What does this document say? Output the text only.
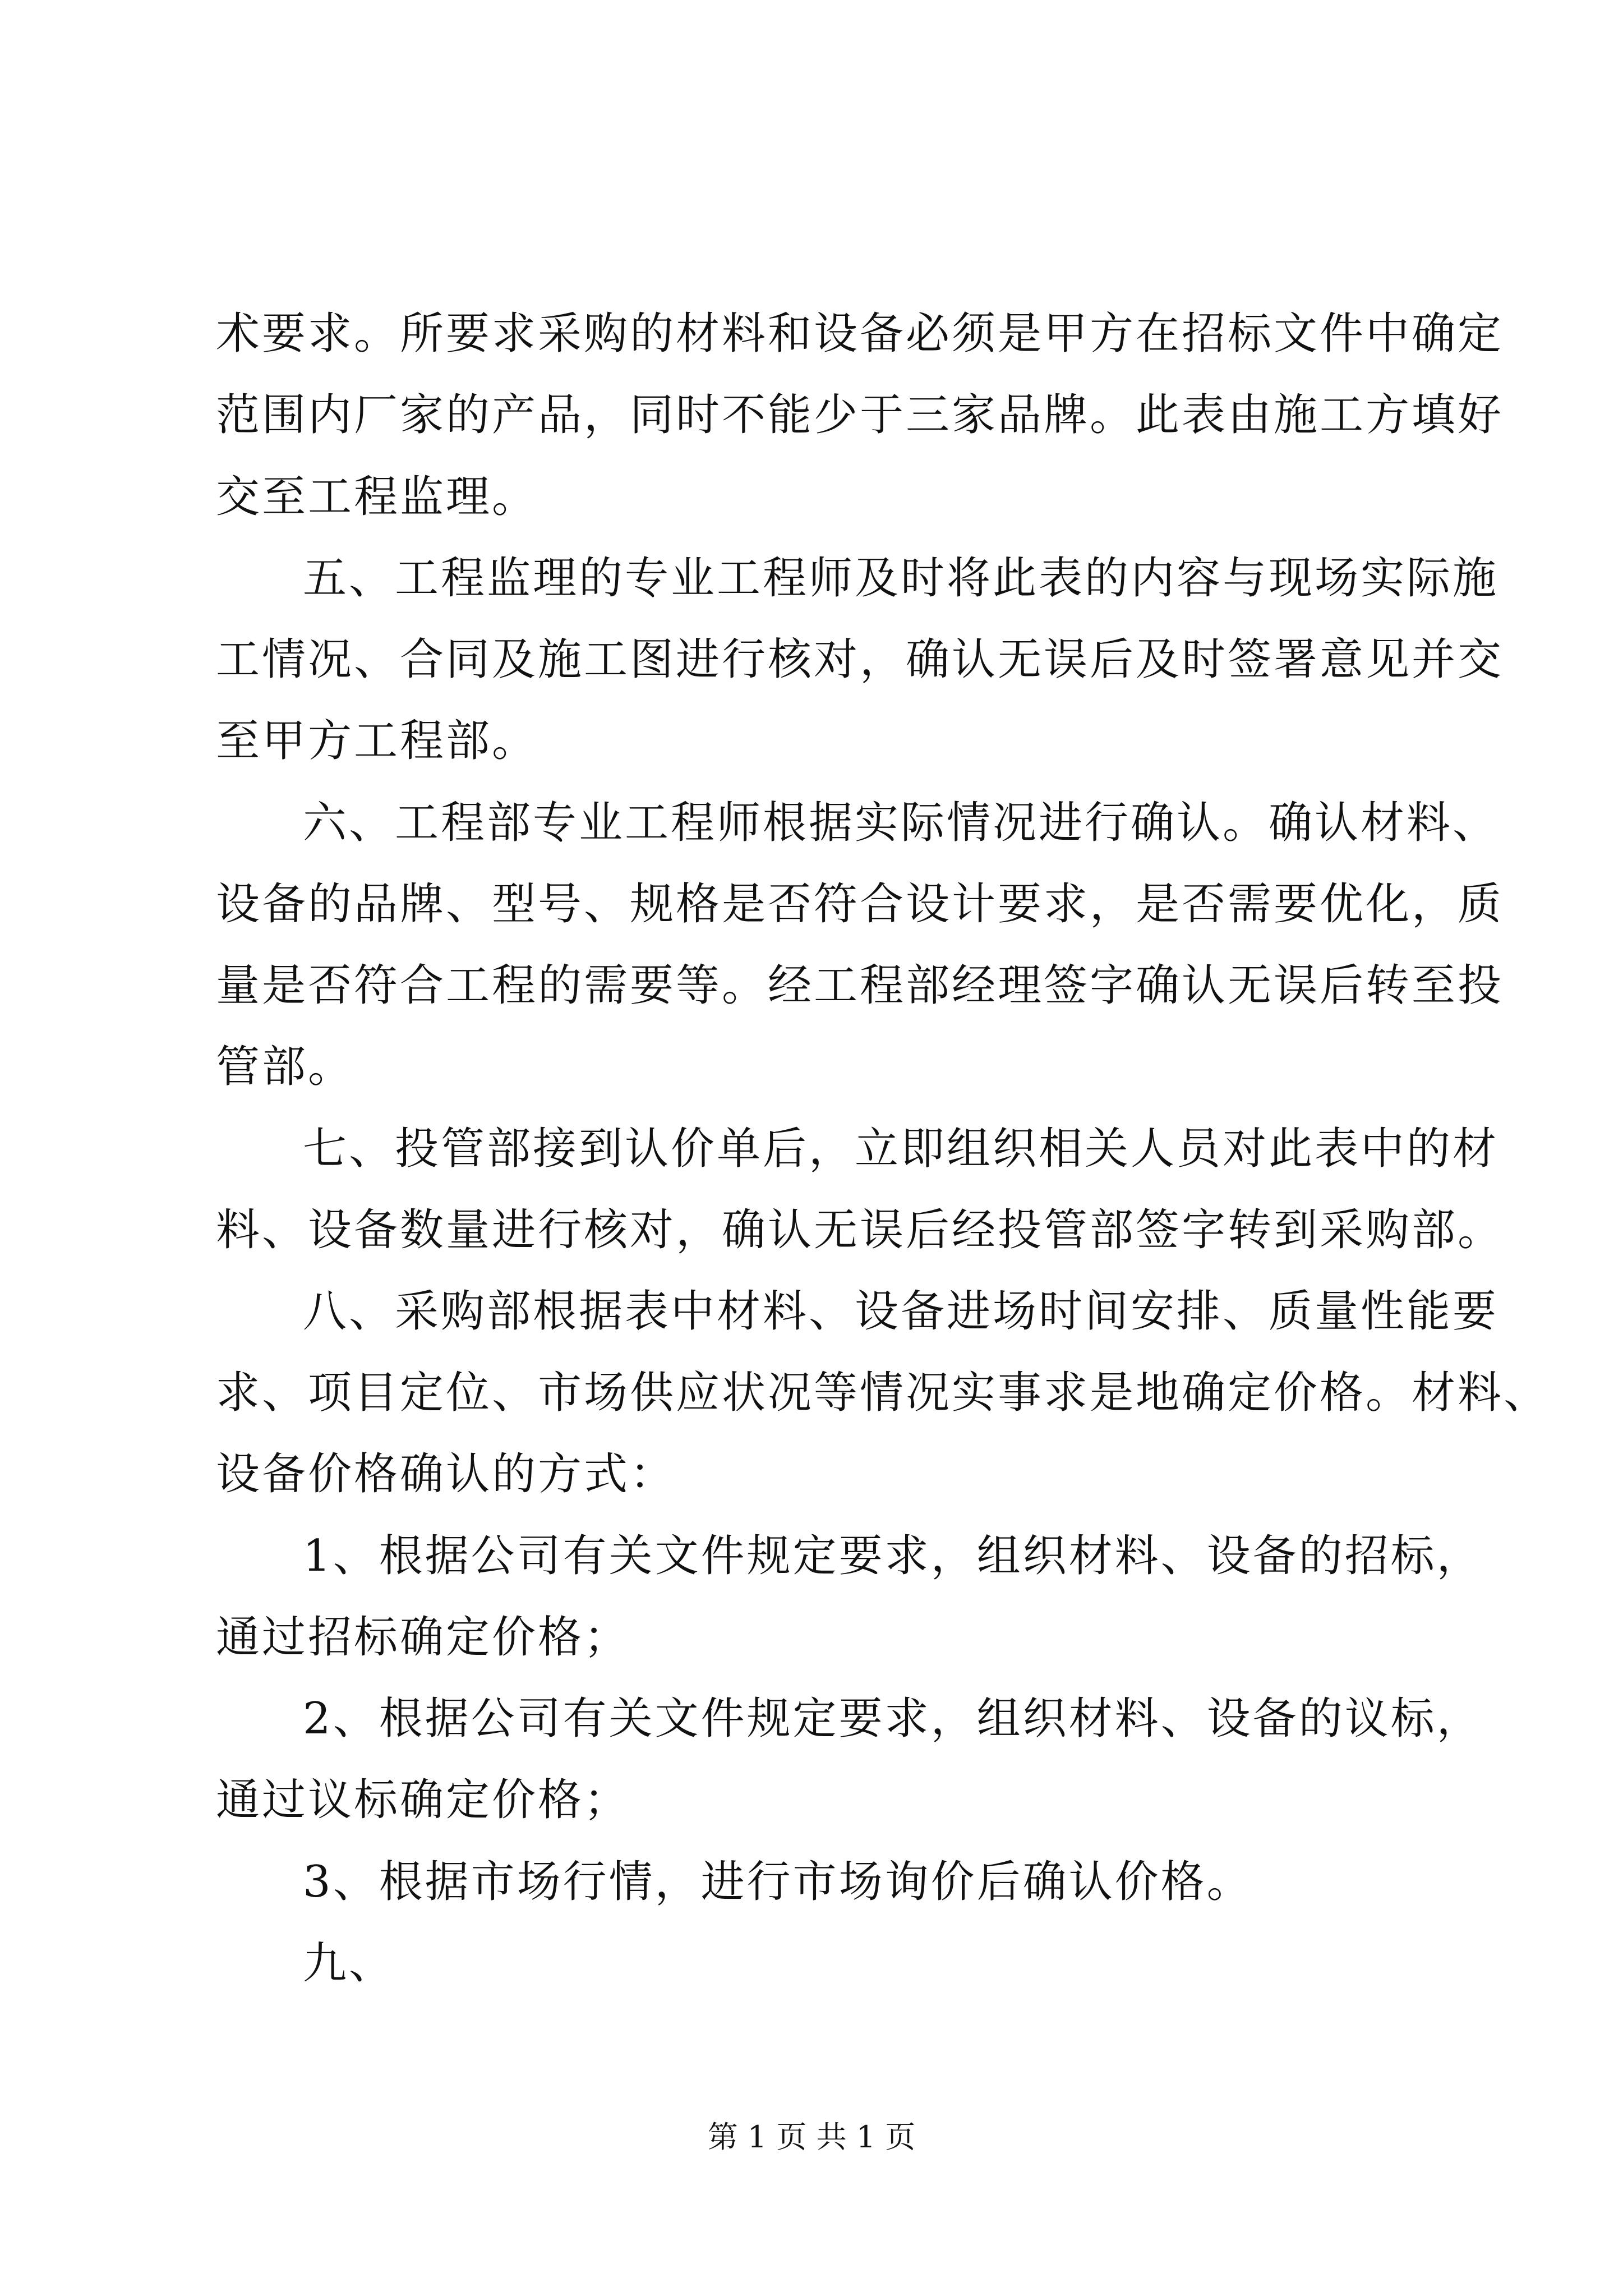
术要求。所要求采购的材料和设备必须是甲方在招标文件中确定
范围内厂家的产品，同时不能少于三家品牌。此表由施工方填好
交至工程监理。
五、工程监理的专业工程师及时将此表的内容与现场实际施
工情况、合同及施工图进行核对，确认无误后及时签署意见并交
至甲方工程部。
六、工程部专业工程师根据实际情况进行确认。确认材料、
设备的品牌、型号、规格是否符合设计要求，是否需要优化，质
量是否符合工程的需要等。经工程部经理签字确认无误后转至投
管部。
七、投管部接到认价单后，立即组织相关人员对此表中的材
料、设备数量进行核对，确认无误后经投管部签字转到采购部。
八、采购部根据表中材料、设备进场时间安排、质量性能要
求、项目定位、市场供应状况等情况实事求是地确定价格。材料、
设备价格确认的方式：
1、根据公司有关文件规定要求，组织材料、设备的招标，
通过招标确定价格；
2、根据公司有关文件规定要求，组织材料、设备的议标，
通过议标确定价格；
3、根据市场行情，进行市场询价后确认价格。
九、
第 1 页 共 1 页
